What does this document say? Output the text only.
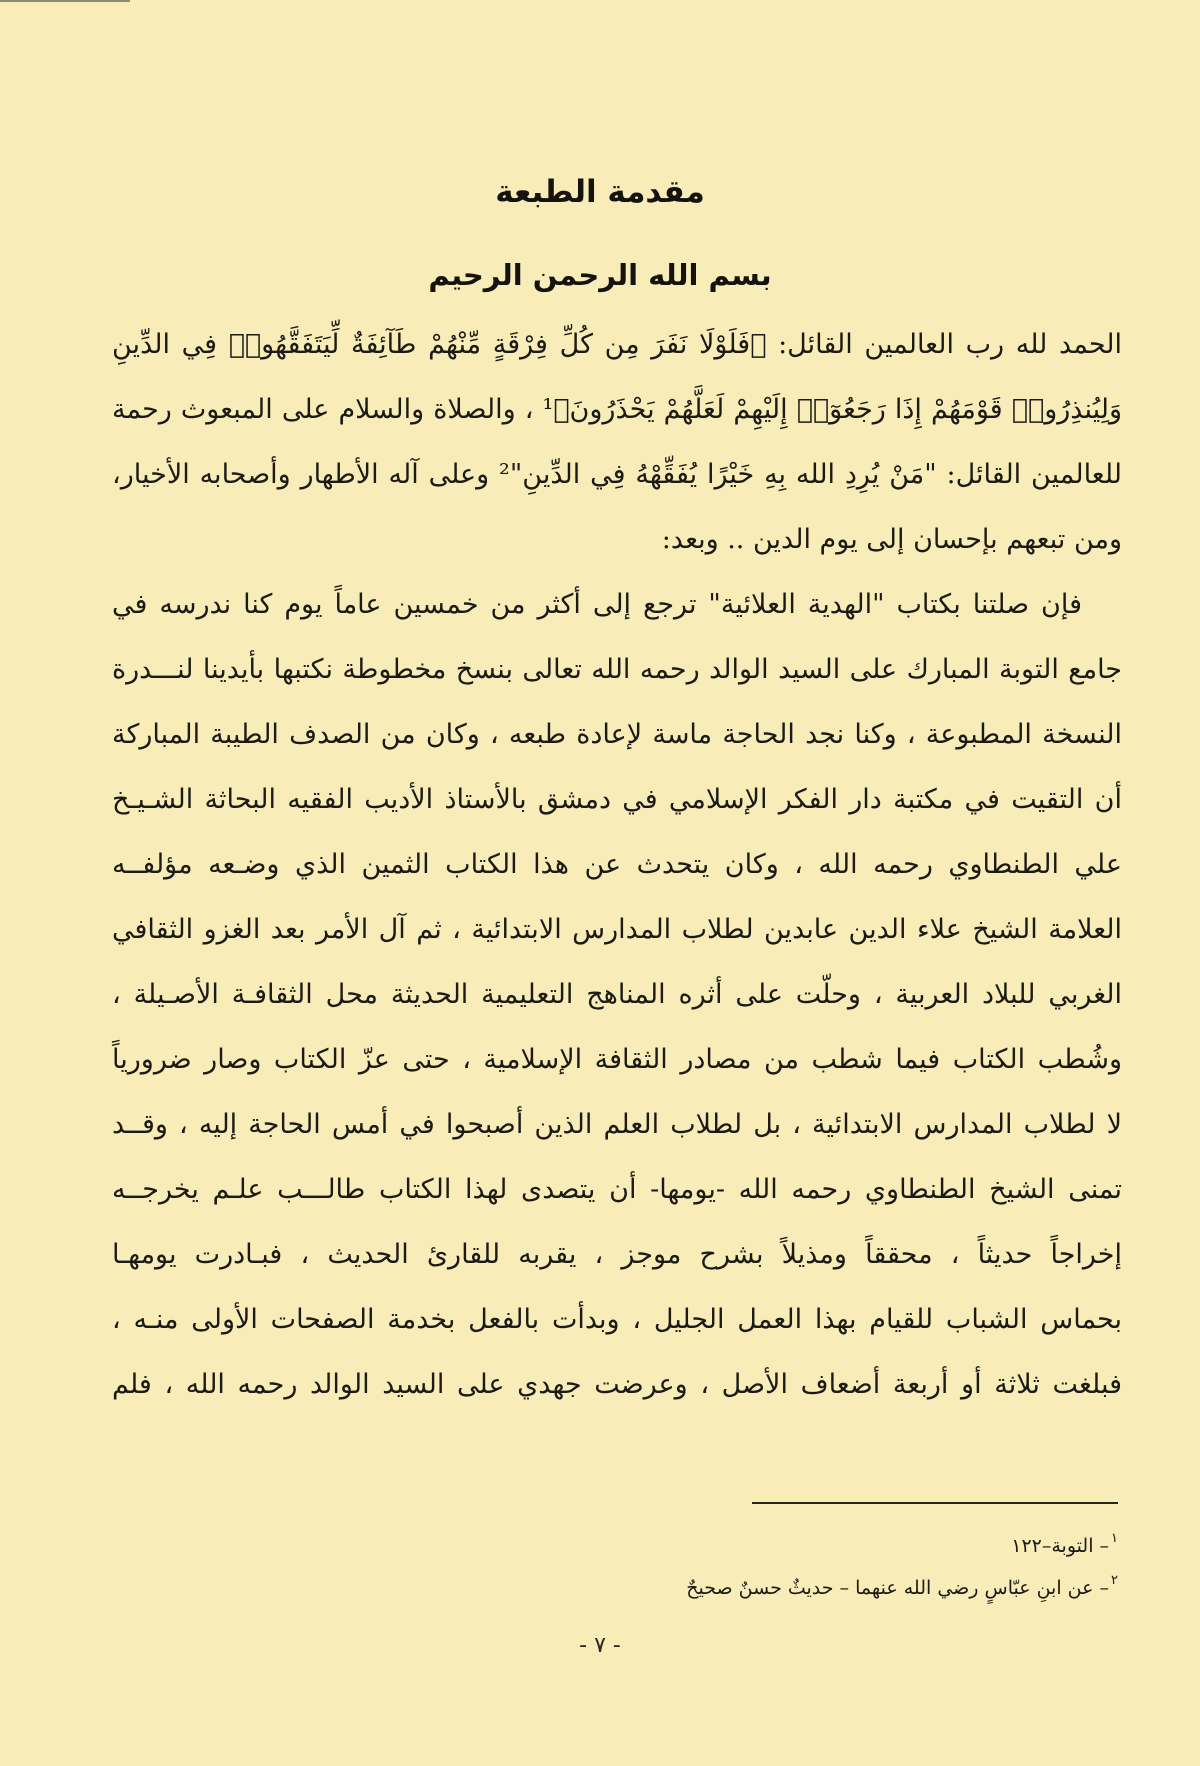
مقدمة الطبعة
بسم الله الرحمن الرحيم
الحمد لله رب العالمين القائل: ﴿فَلَوْلَا نَفَرَ مِن كُلِّ فِرْقَةٍ مِّنْهُمْ طَآئِفَةٌ لِّيَتَفَقَّهُوا۟ فِي الدِّينِ
وَلِيُنذِرُوا۟ قَوْمَهُمْ إِذَا رَجَعُوٓا۟ إِلَيْهِمْ لَعَلَّهُمْ يَحْذَرُونَ﴾¹ ، والصلاة والسلام على المبعوث رحمة
للعالمين القائل: "مَنْ يُرِدِ الله بِهِ خَيْرًا يُفَقِّهْهُ فِي الدِّينِ"² وعلى آله الأطهار وأصحابه الأخيار،
ومن تبعهم بإحسان إلى يوم الدين .. وبعد:
فإن صلتنا بكتاب "الهدية العلائية" ترجع إلى أكثر من خمسين عاماً يوم كنا ندرسه في
جامع التوبة المبارك على السيد الوالد رحمه الله تعالى بنسخ مخطوطة نكتبها بأيدينا لنـــدرة
النسخة المطبوعة ، وكنا نجد الحاجة ماسة لإعادة طبعه ، وكان من الصدف الطيبة المباركة
أن التقيت في مكتبة دار الفكر الإسلامي في دمشق بالأستاذ الأديب الفقيه البحاثة الشـيـخ
علي الطنطاوي رحمه الله ، وكان يتحدث عن هذا الكتاب الثمين الذي وضـعه مؤلفــه
العلامة الشيخ علاء الدين عابدين لطلاب المدارس الابتدائية ، ثم آل الأمر بعد الغزو الثقافي
الغربي للبلاد العربية ، وحلّت على أثره المناهج التعليمية الحديثة محل الثقافـة الأصـيلة ،
وشُطب الكتاب فيما شطب من مصادر الثقافة الإسلامية ، حتى عزّ الكتاب وصار ضرورياً
لا لطلاب المدارس الابتدائية ، بل لطلاب العلم الذين أصبحوا في أمس الحاجة إليه ، وقــد
تمنى الشيخ الطنطاوي رحمه الله -يومها- أن يتصدى لهذا الكتاب طالـــب علـم يخرجــه
إخراجاً حديثاً ، محققاً ومذيلاً بشرح موجز ، يقربه للقارئ الحديث ، فبـادرت يومهـا
بحماس الشباب للقيام بهذا العمل الجليل ، وبدأت بالفعل بخدمة الصفحات الأولى منـه ،
فبلغت ثلاثة أو أربعة أضعاف الأصل ، وعرضت جهدي على السيد الوالد رحمه الله ، فلم
١
– التوبة–١٢٢
٢
– عن ابنِ عبّاسٍ رضي الله عنهما – حديثٌ حسنٌ صحيحٌ
- ٧ -
